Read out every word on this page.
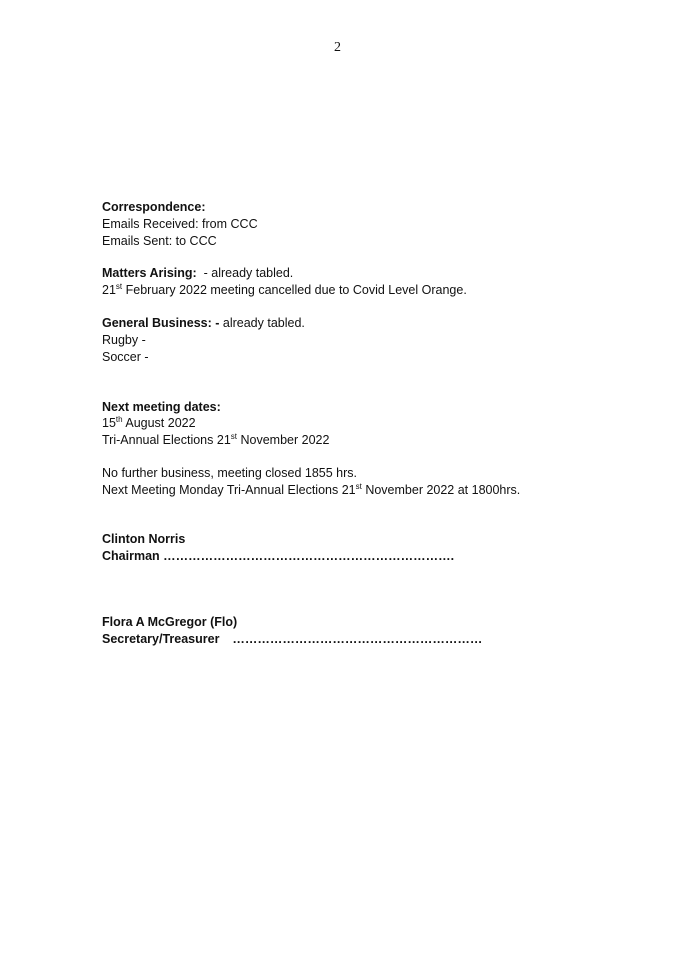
2
Correspondence:
Emails Received: from CCC
Emails Sent: to CCC
Matters Arising:  - already tabled.
21st February 2022 meeting cancelled due to Covid Level Orange.
General Business: - already tabled.
Rugby -
Soccer -
Next meeting dates:
15th August 2022
Tri-Annual Elections 21st November 2022
No further business, meeting closed 1855 hrs.
Next Meeting Monday Tri-Annual Elections 21st November 2022 at 1800hrs.
Clinton Norris
Chairman …………………………………………………………….
Flora A McGregor (Flo)
Secretary/Treasurer ……………………………………………………
